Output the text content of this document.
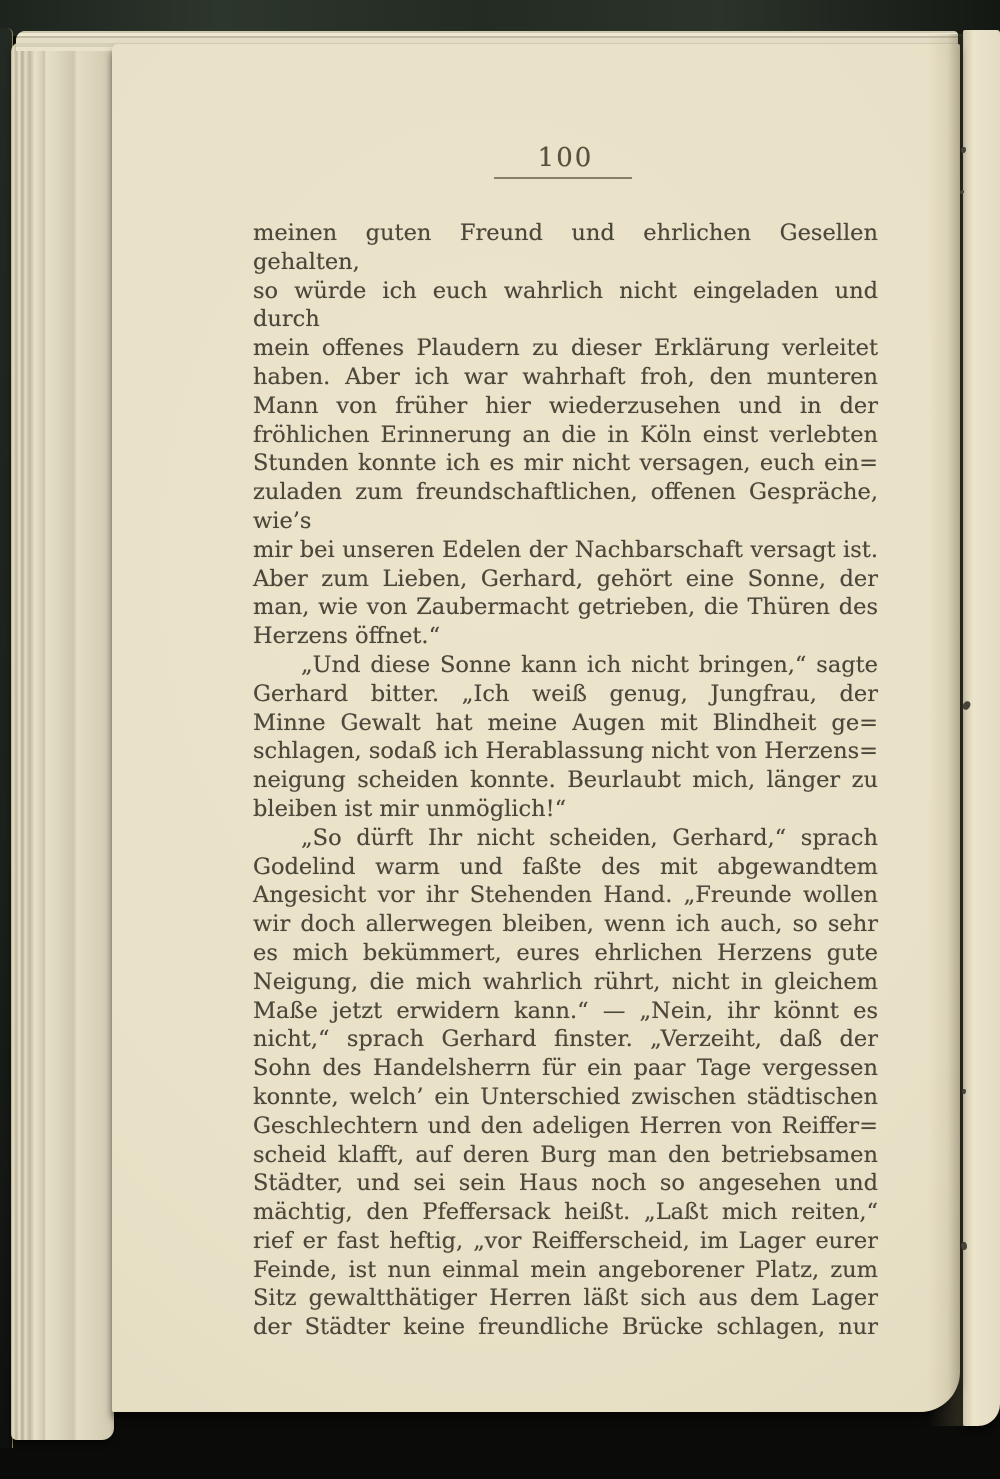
100
meinen guten Freund und ehrlichen Gesellen gehalten,
so würde ich euch wahrlich nicht eingeladen und durch
mein offenes Plaudern zu dieser Erklärung verleitet
haben. Aber ich war wahrhaft froh, den munteren
Mann von früher hier wiederzusehen und in der
fröhlichen Erinnerung an die in Köln einst verlebten
Stunden konnte ich es mir nicht versagen, euch ein=
zuladen zum freundschaftlichen, offenen Gespräche, wie’s
mir bei unseren Edelen der Nachbarschaft versagt ist.
Aber zum Lieben, Gerhard, gehört eine Sonne, der
man, wie von Zaubermacht getrieben, die Thüren des
Herzens öffnet.“
„Und diese Sonne kann ich nicht bringen,“ sagte
Gerhard bitter. „Ich weiß genug, Jungfrau, der
Minne Gewalt hat meine Augen mit Blindheit ge=
schlagen, sodaß ich Herablassung nicht von Herzens=
neigung scheiden konnte. Beurlaubt mich, länger zu
bleiben ist mir unmöglich!“
„So dürft Ihr nicht scheiden, Gerhard,“ sprach
Godelind warm und faßte des mit abgewandtem
Angesicht vor ihr Stehenden Hand. „Freunde wollen
wir doch allerwegen bleiben, wenn ich auch, so sehr
es mich bekümmert, eures ehrlichen Herzens gute
Neigung, die mich wahrlich rührt, nicht in gleichem
Maße jetzt erwidern kann.“ — „Nein, ihr könnt es
nicht,“ sprach Gerhard finster. „Verzeiht, daß der
Sohn des Handelsherrn für ein paar Tage vergessen
konnte, welch’ ein Unterschied zwischen städtischen
Geschlechtern und den adeligen Herren von Reiffer=
scheid klafft, auf deren Burg man den betriebsamen
Städter, und sei sein Haus noch so angesehen und
mächtig, den Pfeffersack heißt. „Laßt mich reiten,“
rief er fast heftig, „vor Reifferscheid, im Lager eurer
Feinde, ist nun einmal mein angeborener Platz, zum
Sitz gewaltthätiger Herren läßt sich aus dem Lager
der Städter keine freundliche Brücke schlagen, nur
